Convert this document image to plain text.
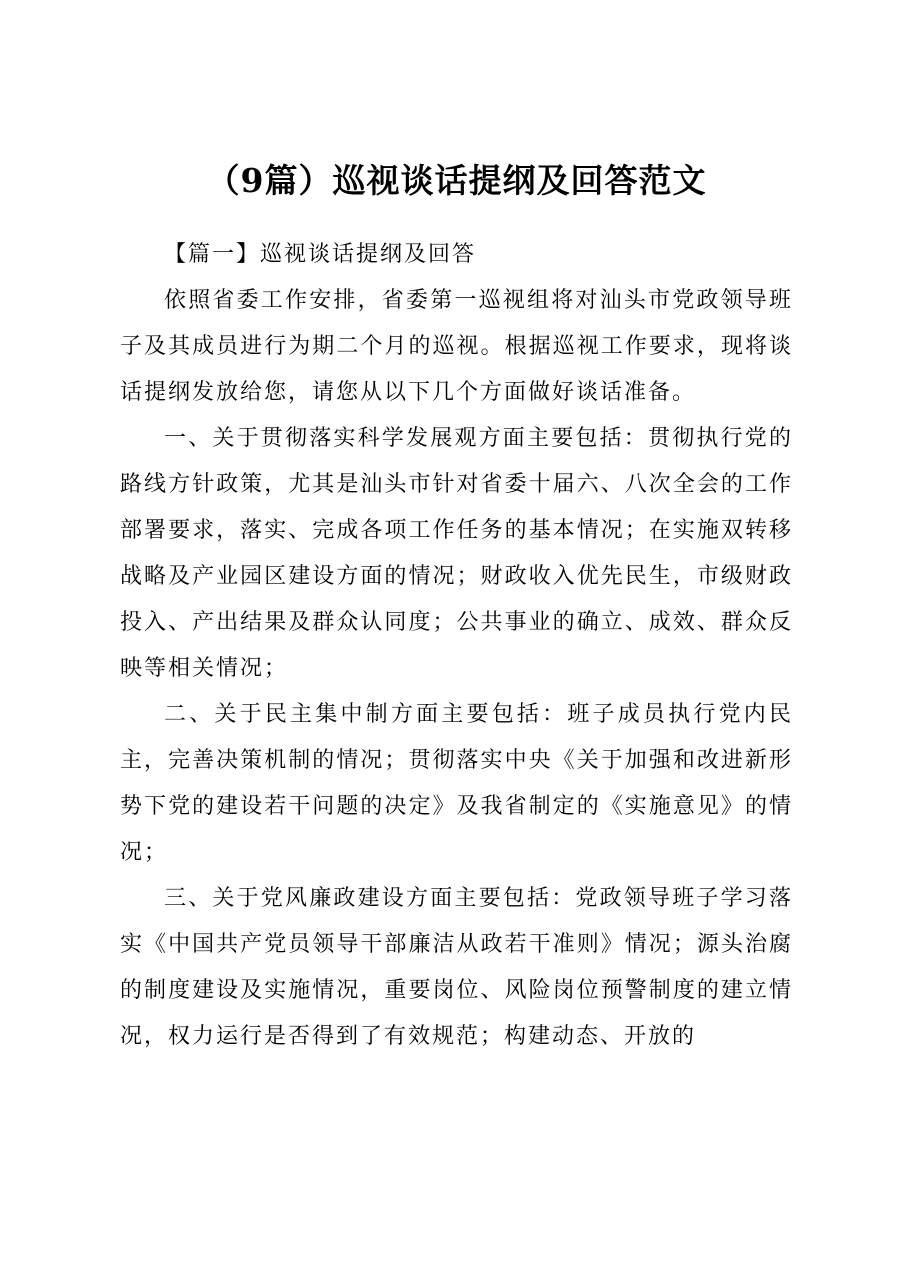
（9篇）巡视谈话提纲及回答范文

【篇一】巡视谈话提纲及回答

依照省委工作安排，省委第一巡视组将对汕头市党政领导班子及其成员进行为期二个月的巡视。根据巡视工作要求，现将谈话提纲发放给您，请您从以下几个方面做好谈话准备。

一、关于贯彻落实科学发展观方面主要包括：贯彻执行党的路线方针政策，尤其是汕头市针对省委十届六、八次全会的工作部署要求，落实、完成各项工作任务的基本情况；在实施双转移战略及产业园区建设方面的情况；财政收入优先民生，市级财政投入、产出结果及群众认同度；公共事业的确立、成效、群众反映等相关情况；

二、关于民主集中制方面主要包括：班子成员执行党内民主，完善决策机制的情况；贯彻落实中央《关于加强和改进新形势下党的建设若干问题的决定》及我省制定的《实施意见》的情况；

三、关于党风廉政建设方面主要包括：党政领导班子学习落实《中国共产党员领导干部廉洁从政若干准则》情况；源头治腐的制度建设及实施情况，重要岗位、风险岗位预警制度的建立情况，权力运行是否得到了有效规范；构建动态、开放的
